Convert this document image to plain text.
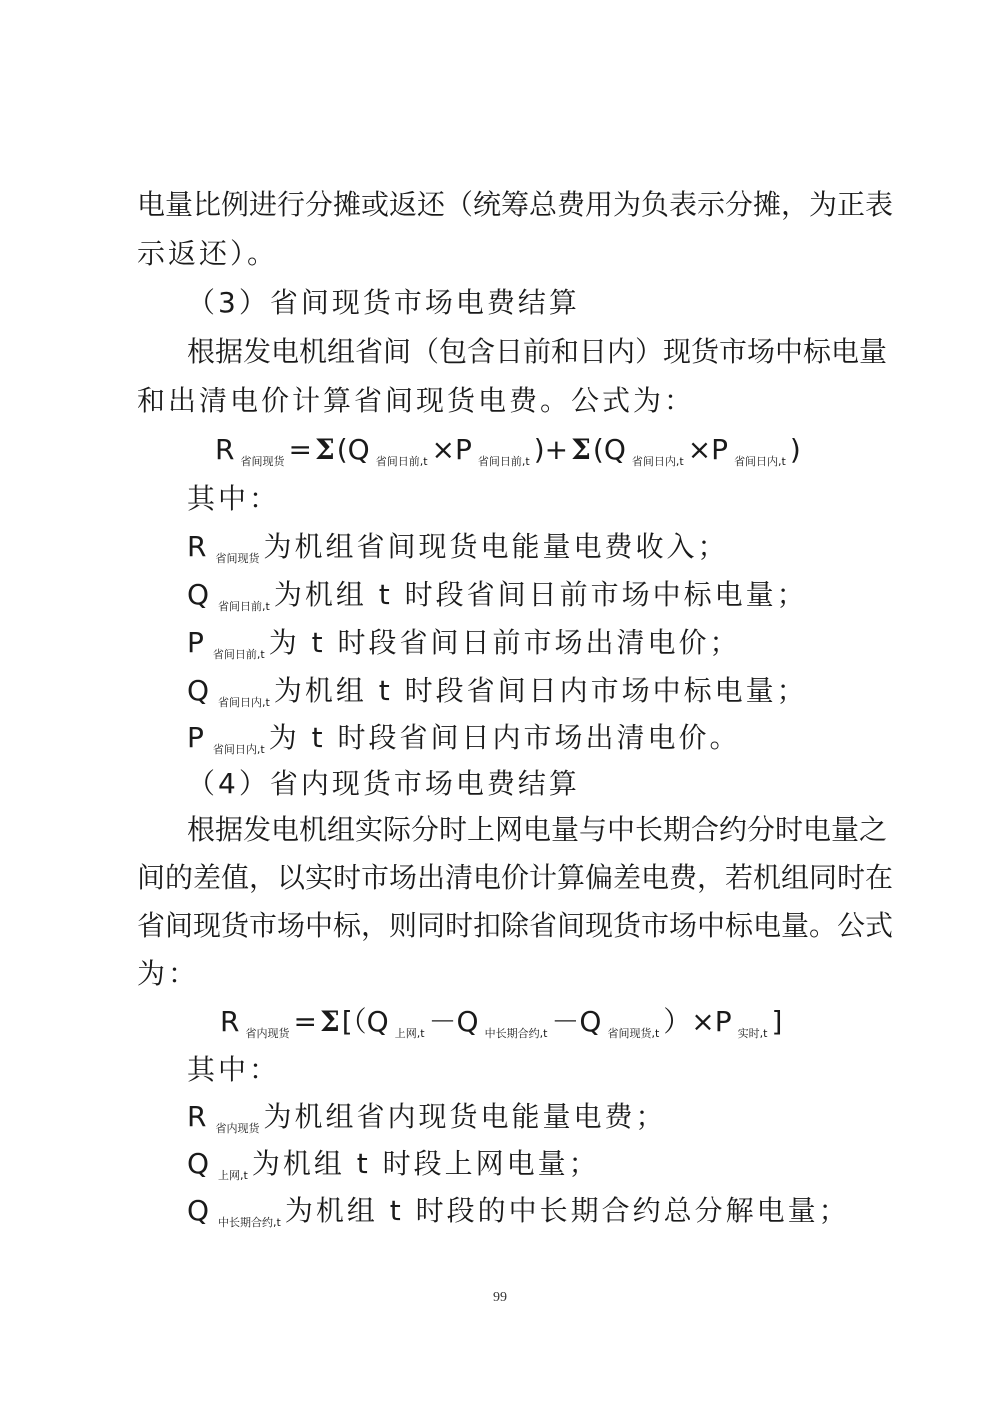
电量比例进行分摊或返还（统筹总费用为负表示分摊，为正表
示返还）。
（3）省间现货市场电费结算
根据发电机组省间（包含日前和日内）现货市场中标电量
和出清电价计算省间现货电费。公式为：
R $_{省间现货}$ = Σ(Q $_{省间日前,t}$ ×P $_{省间日前,t}$ )+ Σ(Q $_{省间日内,t}$ ×P $_{省间日内,t}$ )
其中：
R $_{省间现货}$ 为机组省间现货电能量电费收入；
Q $_{省间日前,t}$ 为机组 t 时段省间日前市场中标电量；
P $_{省间日前,t}$ 为 t 时段省间日前市场出清电价；
Q $_{省间日内,t}$ 为机组 t 时段省间日内市场中标电量；
P $_{省间日内,t}$ 为 t 时段省间日内市场出清电价。
（4）省内现货市场电费结算
根据发电机组实际分时上网电量与中长期合约分时电量之
间的差值，以实时市场出清电价计算偏差电费，若机组同时在
省间现货市场中标，则同时扣除省间现货市场中标电量。公式
为：
R $_{省内现货}$ = Σ[（Q $_{上网,t}$ －Q $_{中长期合约,t}$ －Q $_{省间现货,t}$ ）×P $_{实时,t}$ ]
其中：
R $_{省内现货}$ 为机组省内现货电能量电费；
Q $_{上网,t}$ 为机组 t 时段上网电量；
Q $_{中长期合约,t}$ 为机组 t 时段的中长期合约总分解电量；
99
